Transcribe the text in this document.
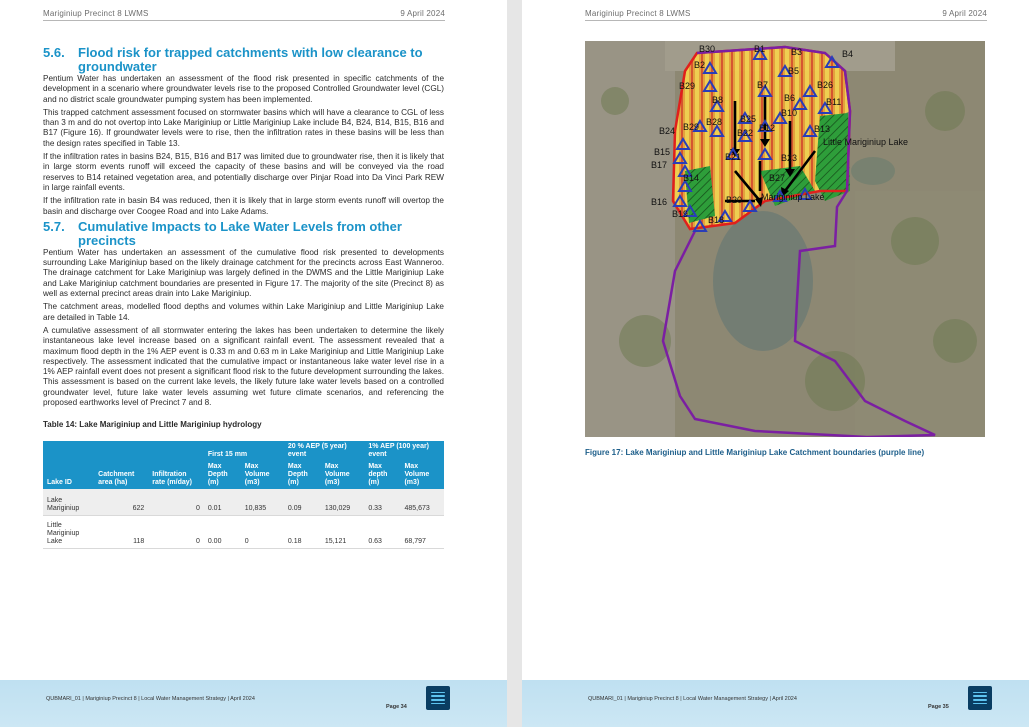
Mariginiup Precinct 8 LWMS	9 April 2024
5.6.	Flood risk for trapped catchments with low clearance to groundwater

Pentium Water has undertaken an assessment of the flood risk presented in specific catchments of the development in a scenario where groundwater levels rise to the proposed Controlled Groundwater level (CGL) and no district scale groundwater pumping system has been implemented.

This trapped catchment assessment focused on stormwater basins which will have a clearance to CGL of less than 3 m and do not overtop into Lake Mariginiup or Little Mariginiup Lake include B4, B24, B14, B15, B16 and B17 (Figure 16). If groundwater levels were to rise, then the infiltration rates in these basins will be less than the design rates specified in Table 13.

If the infiltration rates in basins B24, B15, B16 and B17 was limited due to groundwater rise, then it is likely that in large storm events runoff will exceed the capacity of these basins and will be conveyed via the road reserves to B14 retained vegetation area, and potentially discharge over Pinjar Road into Da Vinci Park REW in large rainfall events.

If the infiltration rate in basin B4 was reduced, then it is likely that in large storm events runoff will overtop the basin and discharge over Coogee Road and into Lake Adams.

5.7.	Cumulative Impacts to Lake Water Levels from other precincts

Pentium Water has undertaken an assessment of the cumulative flood risk presented to developments surrounding Lake Mariginiup based on the likely drainage catchment for the precincts across East Wanneroo. The drainage catchment for Lake Mariginiup was largely defined in the DWMS and the Little Mariginiup Lake and Lake Mariginiup catchment boundaries are presented in Figure 17. The majority of the site (Precinct 8) as well as external precinct areas drain into Lake Mariginiup.

The catchment areas, modelled flood depths and volumes within Lake Mariginiup and Little Mariginiup Lake are detailed in Table 14.

A cumulative assessment of all stormwater entering the lakes has been undertaken to determine the likely instantaneous lake level increase based on a significant rainfall event. The assessment revealed that a maximum flood depth in the 1% AEP event is 0.33 m and 0.63 m in Lake Mariginiup and Little Mariginiup Lake respectively. The assessment indicated that the cumulative impact or instantaneous lake water level rise in a 1% AEP rainfall event does not present a significant flood risk to the future development surrounding the lakes. This assessment is based on the current lake levels, the likely future lake water levels based on a controlled groundwater level, future lake water levels assuming wet future climate scenarios, and referencing the proposed earthworks level of Precinct 7 and 8.

Table 14: Lake Mariginiup and Little Mariginiup hydrology
			First 15 mm		20 % AEP (5 year) event		1% AEP (100 year) event	
Lake ID	Catchment area (ha)	Infiltration rate (m/day)	Max Depth (m)	Max Volume (m3)	Max Depth (m)	Max Volume (m3)	Max depth (m)	Max Volume (m3)
Lake Mariginiup	622	0	0.01	10,835	0.09	130,029	0.33	485,673
Little Mariginiup Lake	118	0	0.00	0	0.18	15,121	0.63	68,797
QUBMARI_01 | Mariginiup Precinct 8 | Local Water Management Strategy | April 2024
Page 34
Mariginiup Precinct 8 LWMS	9 April 2024
B30	B1	B3	B4
B2
B5
B29	B7	B26
B8	B6	B11
B25
B10
B24 B29 B28
B22 B12	B13
B15	B21	B23
B17
B14	B27
B16	B20
B19
B18
Little Mariginiup Lake
Mariginiup Lake
Figure 17: Lake Mariginiup and Little Mariginiup Lake Catchment boundaries (purple line)
QUBMARI_01 | Mariginiup Precinct 8 | Local Water Management Strategy | April 2024
Page 35
